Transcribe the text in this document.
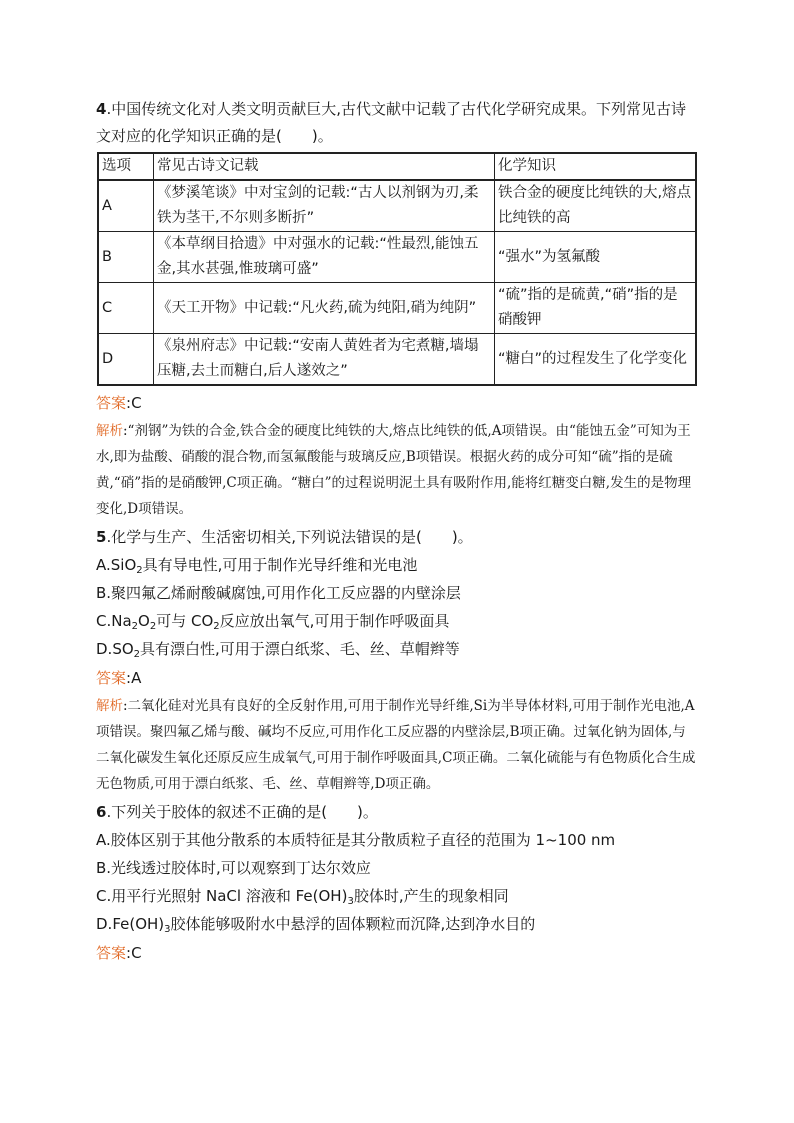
4.中国传统文化对人类文明贡献巨大,古代文献中记载了古代化学研究成果。下列常见古诗文对应的化学知识正确的是(　　)。
选项	常见古诗文记载	化学知识
A	《梦溪笔谈》中对宝剑的记载:“古人以剂钢为刃,柔铁为茎干,不尔则多断折”	铁合金的硬度比纯铁的大,熔点比纯铁的高
B	《本草纲目拾遗》中对强水的记载:“性最烈,能蚀五金,其水甚强,惟玻璃可盛”	“强水”为氢氟酸
C	《天工开物》中记载:“凡火药,硫为纯阳,硝为纯阴”	“硫”指的是硫黄,“硝”指的是硝酸钾
D	《泉州府志》中记载:“安南人黄姓者为宅煮糖,墙塌压糖,去土而糖白,后人遂效之”	“糖白”的过程发生了化学变化
答案:C
解析:“剂钢”为铁的合金,铁合金的硬度比纯铁的大,熔点比纯铁的低,A项错误。由“能蚀五金”可知为王水,即为盐酸、硝酸的混合物,而氢氟酸能与玻璃反应,B项错误。根据火药的成分可知“硫”指的是硫黄,“硝”指的是硝酸钾,C项正确。“糖白”的过程说明泥土具有吸附作用,能将红糖变白糖,发生的是物理变化,D项错误。
5.化学与生产、生活密切相关,下列说法错误的是(　　)。
A.SiO$_2$具有导电性,可用于制作光导纤维和光电池
B.聚四氟乙烯耐酸碱腐蚀,可用作化工反应器的内壁涂层
$C.Na_2O_2$可与 $CO_2$反应放出氧气,可用于制作呼吸面具
$D.SO_2$具有漂白性,可用于漂白纸浆、毛、丝、草帽辫等
答案:A
解析:二氧化硅对光具有良好的全反射作用,可用于制作光导纤维,Si为半导体材料,可用于制作光电池,A项错误。聚四氟乙烯与酸、碱均不反应,可用作化工反应器的内壁涂层,B项正确。过氧化钠为固体,与二氧化碳发生氧化还原反应生成氧气,可用于制作呼吸面具,C项正确。二氧化硫能与有色物质化合生成无色物质,可用于漂白纸浆、毛、丝、草帽辫等,D项正确。
6.下列关于胶体的叙述不正确的是(　　)。
A.胶体区别于其他分散系的本质特征是其分散质粒子直径的范围为 1~100 nm
B.光线透过胶体时,可以观察到丁达尔效应
C.用平行光照射 NaCl 溶液和 $Fe(OH)_3$胶体时,产生的现象相同
$D.Fe(OH)_3$胶体能够吸附水中悬浮的固体颗粒而沉降,达到净水目的
答案:C
